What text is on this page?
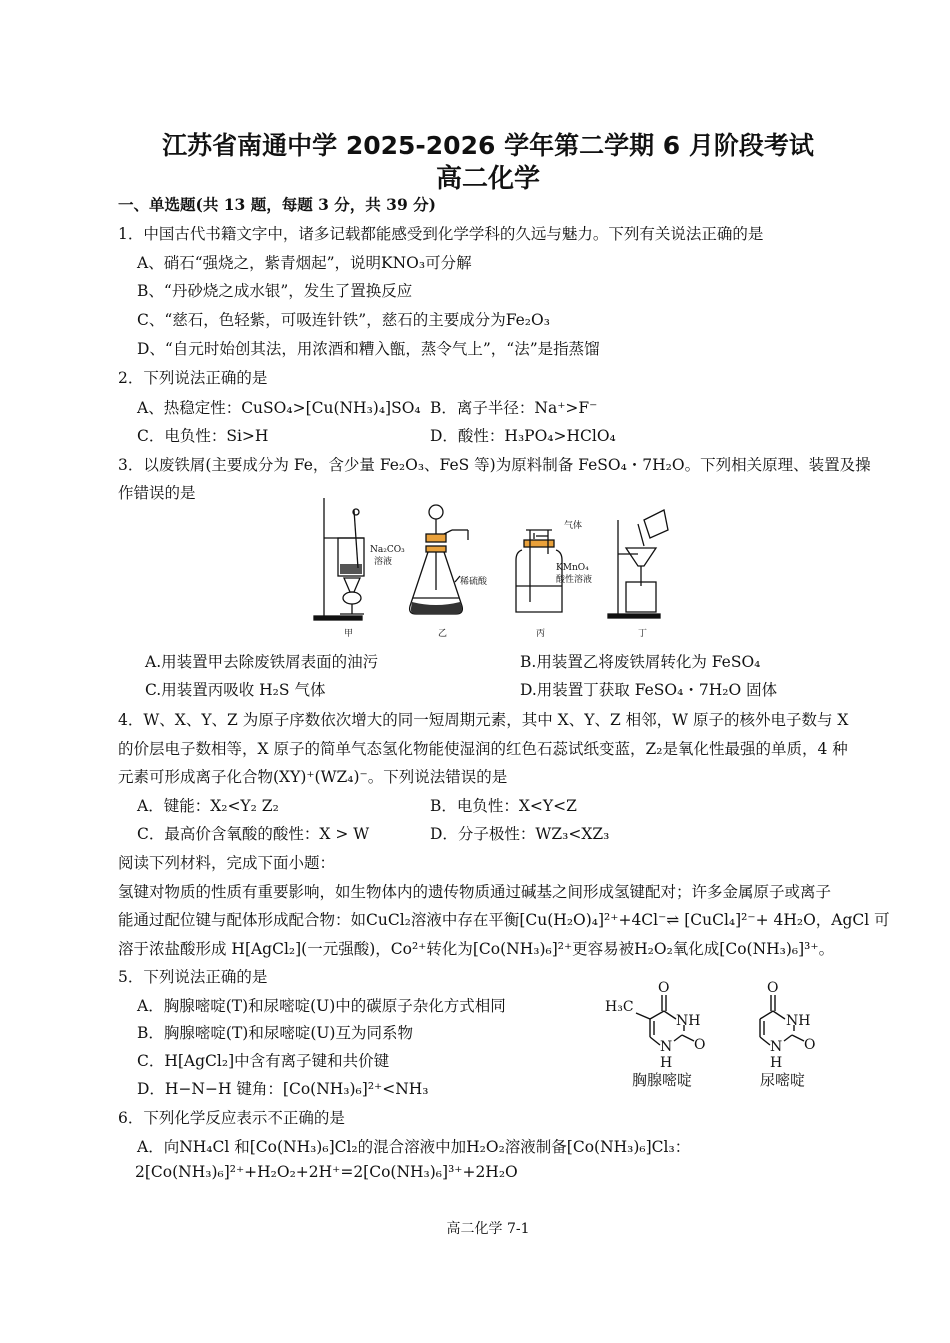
江苏省南通中学 2025-2026 学年第二学期 6 月阶段考试
高二化学
一、单选题(共 13 题，每题 3 分，共 39 分)
1．中国古代书籍文字中，诸多记载都能感受到化学学科的久远与魅力。下列有关说法正确的是
A、硝石“强烧之，紫青烟起”，说明KNO₃可分解
B、“丹砂烧之成水银”，发生了置换反应
C、“慈石，色轻紫，可吸连针铁”，慈石的主要成分为Fe₂O₃
D、“自元时始创其法，用浓酒和糟入甑，蒸令气上”，“法”是指蒸馏
2．下列说法正确的是
A、热稳定性：CuSO₄>[Cu(NH₃)₄]SO₄ B．离子半径：Na⁺>F⁻
C．电负性：Si>H	D．酸性：H₃PO₄>HClO₄
3．以废铁屑(主要成分为 Fe，含少量 Fe₂O₃、FeS 等)为原料制备 FeSO₄・7H₂O。下列相关原理、装置及操
作错误的是
Na₂CO₃
溶液
稀硫酸
气体
KMnO₄
酸性溶液
甲	乙	丙	丁
A.用装置甲去除废铁屑表面的油污	B.用装置乙将废铁屑转化为 FeSO₄
C.用装置丙吸收 H₂S 气体	D.用装置丁获取 FeSO₄・7H₂O 固体
4．W、X、Y、Z 为原子序数依次增大的同一短周期元素，其中 X、Y、Z 相邻，W 原子的核外电子数与 X
的价层电子数相等，X 原子的简单气态氢化物能使湿润的红色石蕊试纸变蓝，Z₂是氧化性最强的单质，4 种
元素可形成离子化合物(XY)⁺(WZ₄)⁻。下列说法错误的是
A．键能：X₂<Y₂ Z₂	B．电负性：X<Y<Z
C．最高价含氧酸的酸性：X > W	D．分子极性：WZ₃<XZ₃
阅读下列材料，完成下面小题：
氢键对物质的性质有重要影响，如生物体内的遗传物质通过碱基之间形成氢键配对；许多金属原子或离子
能通过配位键与配体形成配合物：如CuCl₂溶液中存在平衡[Cu(H₂O)₄]²⁺+4Cl⁻⇌ [CuCl₄]²⁻+ 4H₂O，AgCl 可
溶于浓盐酸形成 H[AgCl₂](一元强酸)，Co²⁺转化为[Co(NH₃)₆]²⁺更容易被H₂O₂氧化成[Co(NH₃)₆]³⁺。
5．下列说法正确的是
A．胸腺嘧啶(T)和尿嘧啶(U)中的碳原子杂化方式相同
B．胸腺嘧啶(T)和尿嘧啶(U)互为同系物
C．H[AgCl₂]中含有离子键和共价键
D．H−N−H 键角：[Co(NH₃)₆]²⁺<NH₃
H₃C
O
NH
N
H
O
O
NH
N
H
O
胸腺嘧啶	尿嘧啶
6．下列化学反应表示不正确的是
A．向NH₄Cl 和[Co(NH₃)₆]Cl₂的混合溶液中加H₂O₂溶液制备[Co(NH₃)₆]Cl₃：
2[Co(NH₃)₆]²⁺+H₂O₂+2H⁺=2[Co(NH₃)₆]³⁺+2H₂O
高二化学 7-1
